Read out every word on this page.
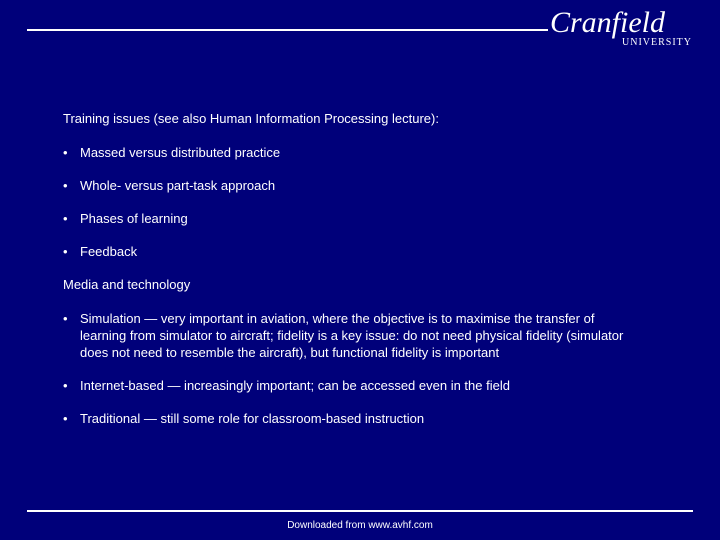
Cranfield
UNIVERSITY

Training issues (see also Human Information Processing lecture):

• Massed versus distributed practice
• Whole- versus part-task approach
• Phases of learning
• Feedback

Media and technology

• Simulation — very important in aviation, where the objective is to maximise the transfer of learning from simulator to aircraft; fidelity is a key issue: do not need physical fidelity (simulator does not need to resemble the aircraft), but functional fidelity is important
• Internet-based — increasingly important; can be accessed even in the field
• Traditional — still some role for classroom-based instruction
Downloaded from www.avhf.com
